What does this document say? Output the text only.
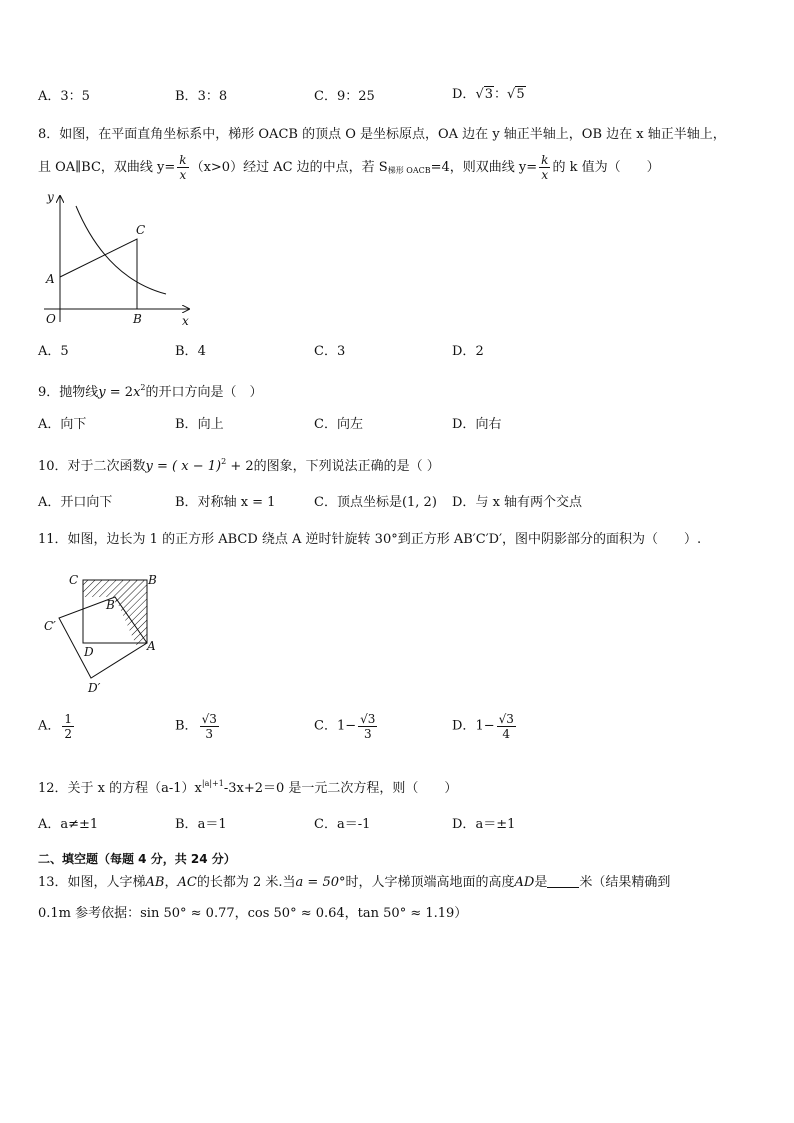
A．3：5	B．3：8	C．9：25	D．√3：√5
8．如图，在平面直角坐标系中，梯形 OACB 的顶点 O 是坐标原点，OA 边在 y 轴正半轴上，OB 边在 x 轴正半轴上，
且 OA∥BC，双曲线 $y= \frac{k}{x} (x>0)$经过 AC 边的中点，若 $S_{梯形 OACB}=4$，则双曲线 $y= \frac{k}{x}$ 的 k 值为（　　）
y
x
O
A
B
C
A．5	B．4	C．3	D．2
9．抛物线$y = 2x^2$的开口方向是（　）
A．向下	B．向上	C．向左	D．向右
10．对于二次函数y = ( x − 1)$^2$ + 2的图象，下列说法正确的是（ ）
A．开口向下	B．对称轴 x = 1	C．顶点坐标是(1, 2) D．与 x 轴有两个交点
11．如图，边长为 1 的正方形 ABCD 绕点 A 逆时针旋转 30°到正方形 AB′C′D′，图中阴影部分的面积为（　　）.
C	B
B′
C′
D	A
D′
A． $\frac{1}{2}$	B． $\frac{√3}{3}$	C．$1- \frac{√3}{3}$	D．$1- \frac{√3}{4}$
12．关于 x 的方程$(a-1)x^{|a|+1}-3x+2=0$ 是一元二次方程，则（　　）
A．a≠±1	B．a＝1	C．a＝-1	D．a＝±1
二、填空题（每题 4 分，共 24 分）
13．如图，人字梯AB，AC的长都为 2 米.当a = 50°时，人字梯顶端高地面的高度AD是 米（结果精确到
0.1m 参考依据：sin 50° ≈ 0.77，cos 50° ≈ 0.64，tan 50° ≈ 1.19）
